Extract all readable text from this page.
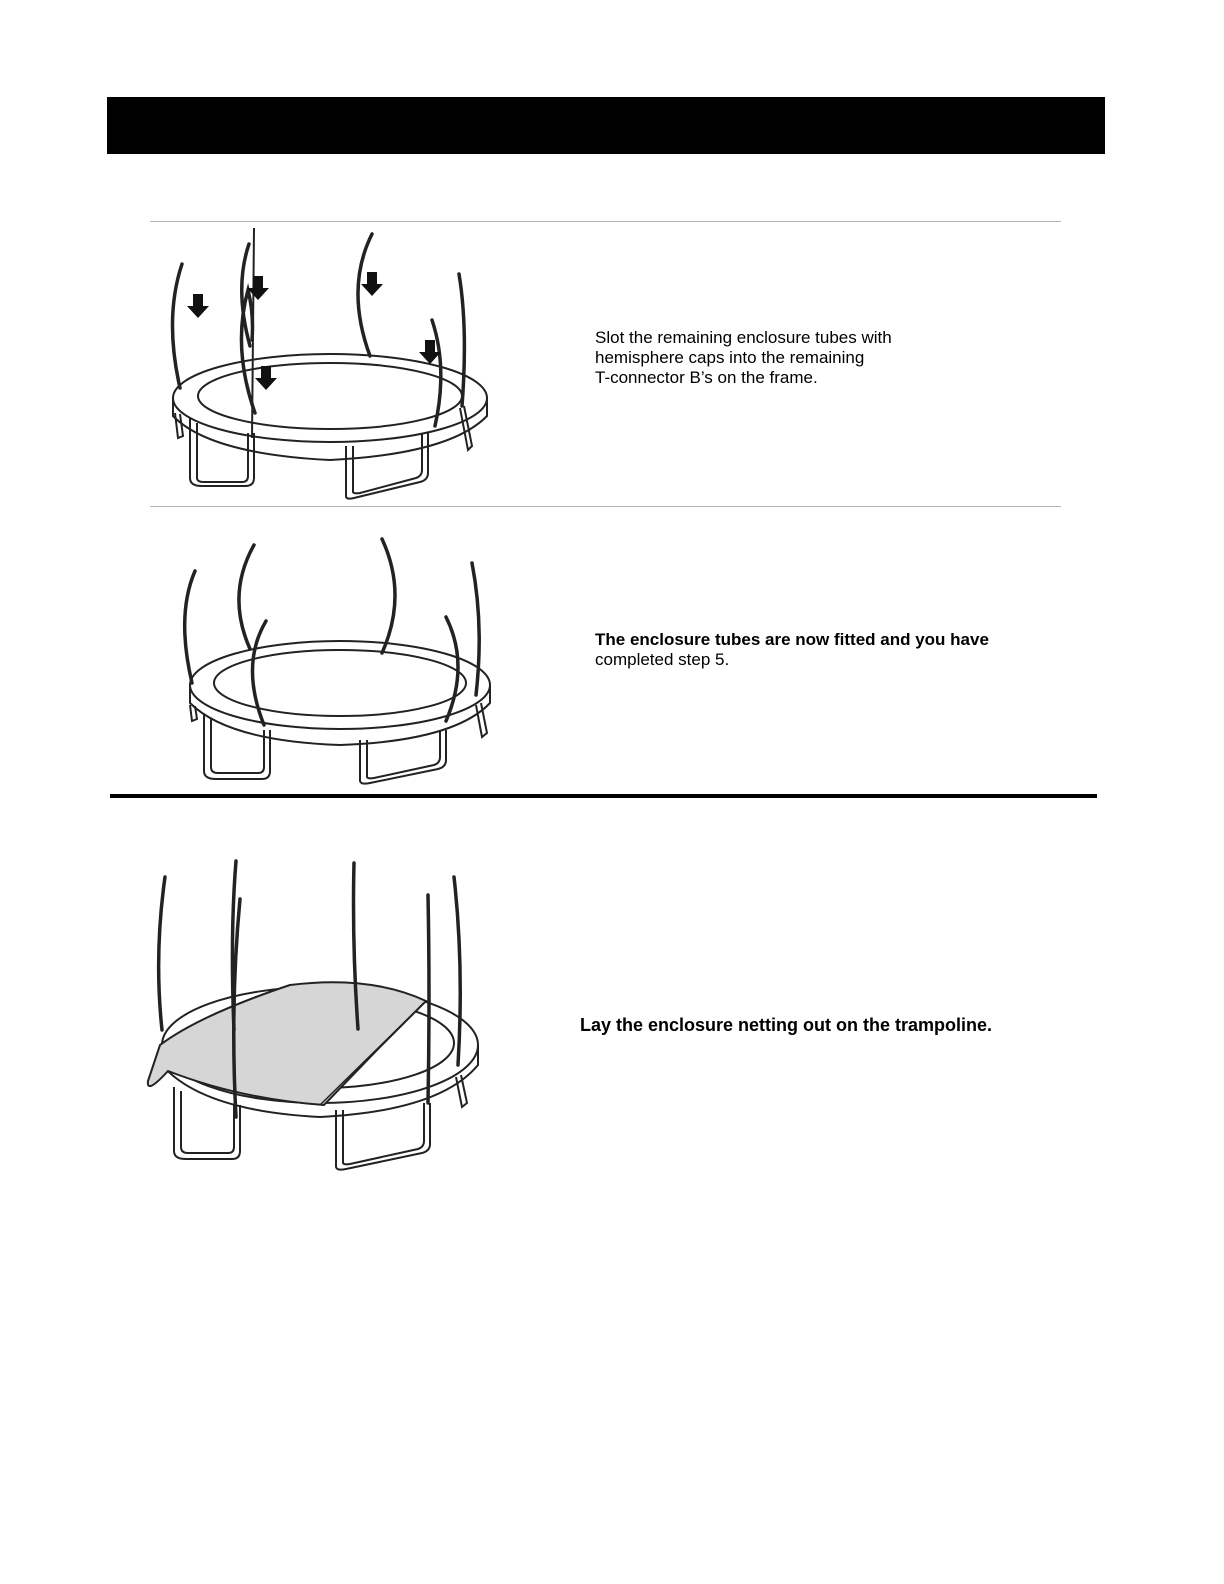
Slot the remaining enclosure tubes with

hemisphere caps into the remaining

T-connector B’s on the frame.

The enclosure tubes are now fitted and you have

completed step 5.

Lay the enclosure netting out on the trampoline.
